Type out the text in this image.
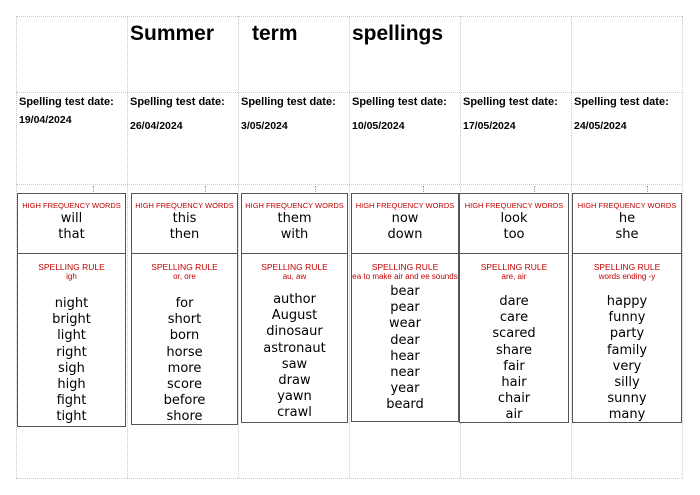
Summer term	spellings
Spelling test date:
19/04/2024
Spelling test date:
26/04/2024
Spelling test date:
3/05/2024
Spelling test date:
10/05/2024
Spelling test date:
17/05/2024
Spelling test date:
24/05/2024
HIGH FREQUENCY WORDS
will
that
SPELLING RULE
igh
night
bright
light
right
sigh
high
fight
tight
HIGH FREQUENCY WORDS
this
then
SPELLING RULE
or, ore
for
short
born
horse
more
score
before
shore
HIGH FREQUENCY WORDS
them
with
SPELLING RULE
au, aw
author
August
dinosaur
astronaut
saw
draw
yawn
crawl
HIGH FREQUENCY WORDS
now
down
SPELLING RULE
ea to make air and ee sounds
bear
pear
wear
dear
hear
near
year
beard
HIGH FREQUENCY WORDS
look
too
SPELLING RULE
are, air
dare
care
scared
share
fair
hair
chair
air
HIGH FREQUENCY WORDS
he
she
SPELLING RULE
words ending -y
happy
funny
party
family
very
silly
sunny
many
